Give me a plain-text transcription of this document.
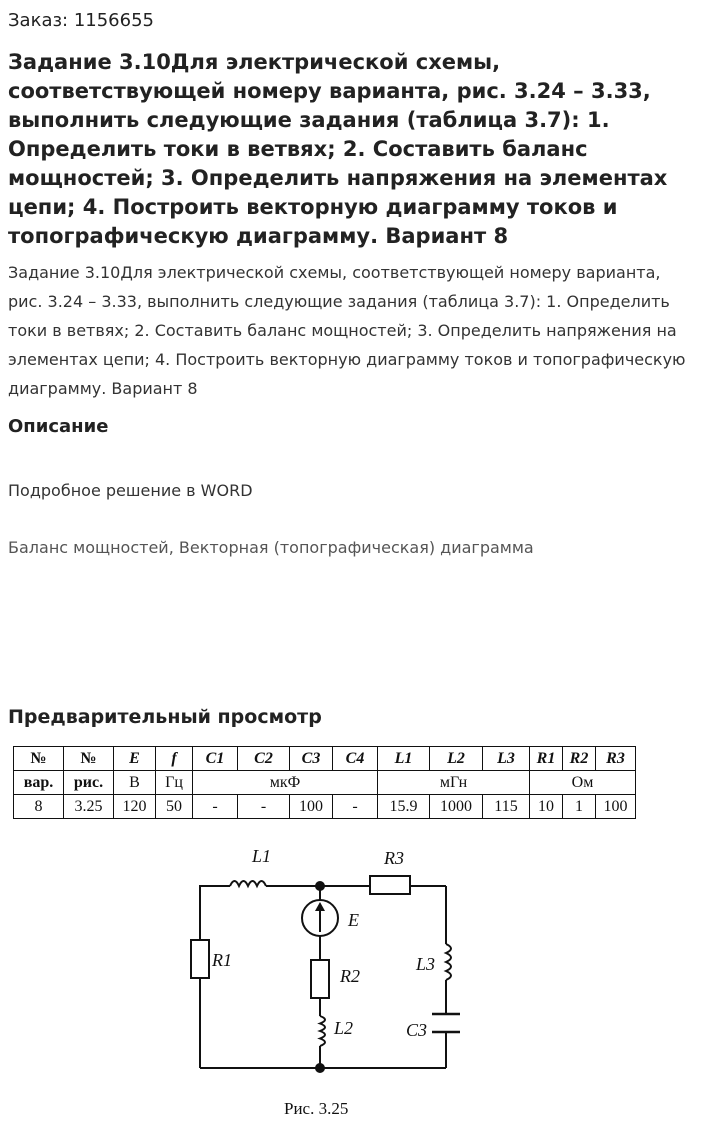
Заказ: 1156655
Задание 3.10Для электрической схемы, соответствующей номеру варианта, рис. 3.24 – 3.33, выполнить следующие задания (таблица 3.7): 1. Определить токи в ветвях; 2. Составить баланс мощностей; 3. Определить напряжения на элементах цепи; 4. Построить векторную диаграмму токов и топографическую диаграмму. Вариант 8

Задание 3.10Для электрической схемы, соответствующей номеру варианта, рис. 3.24 – 3.33, выполнить следующие задания (таблица 3.7): 1. Определить токи в ветвях; 2. Составить баланс мощностей; 3. Определить напряжения на элементах цепи; 4. Построить векторную диаграмму токов и топографическую диаграмму. Вариант 8

Описание
Подробное решение в WORD
Баланс мощностей, Векторная (топографическая) диаграмма
Предварительный просмотр
№	№	E	f	C1	C2	C3	C4	L1	L2	L3	R1	R2	R3
вар.	рис.	В	Гц	мкФ				мГн			Ом		
8	3.25	120	50	-	-	100	-	15.9	1000	115	10	1	100
L1	R3
E
R1
R2
L3
L2	C3
Рис. 3.25
